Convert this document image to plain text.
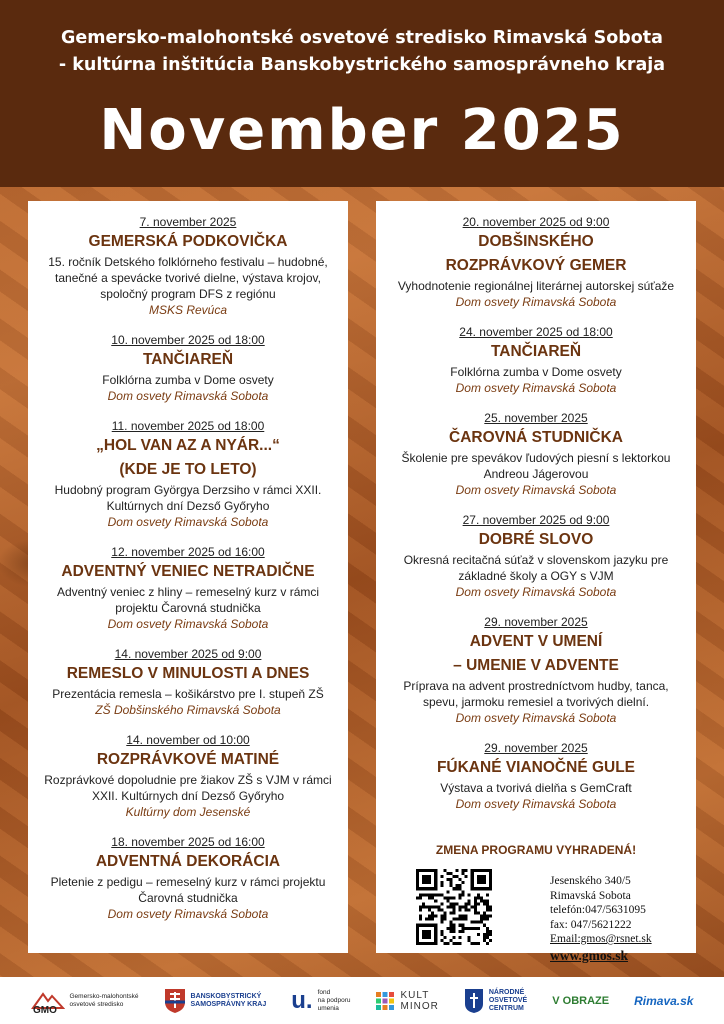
Gemersko-malohontské osvetové stredisko Rimavská Sobota
- kultúrna inštitúcia Banskobystrického samosprávneho kraja
November 2025
7. november 2025
GEMERSKÁ PODKOVIČKA
15. ročník Detského folklórneho festivalu – hudobné, tanečné a spevácke tvorivé dielne, výstava krojov, spoločný program DFS z regiónu
MSKS Revúca
10. november 2025 od 18:00
TANČIAREŇ
Folklórna zumba v Dome osvety
Dom osvety Rimavská Sobota
11. november 2025 od 18:00
„HOL VAN AZ A NYÁR...“
(KDE JE TO LETO)
Hudobný program Györgya Derzsiho v rámci XXII. Kultúrnych dní Dezső Győryho
Dom osvety Rimavská Sobota
12. november 2025 od 16:00
ADVENTNÝ VENIEC NETRADIČNE
Adventný veniec z hliny – remeselný kurz v rámci projektu Čarovná studnička
Dom osvety Rimavská Sobota
14. november 2025 od 9:00
REMESLO V MINULOSTI A DNES
Prezentácia remesla – košikárstvo pre I. stupeň ZŠ
ZŠ Dobšinského Rimavská Sobota
14. november od 10:00
ROZPRÁVKOVÉ MATINÉ
Rozprávkové dopoludnie pre žiakov ZŠ s VJM v rámci XXII. Kultúrnych dní Dezső Győryho
Kultúrny dom Jesenské
18. november 2025 od 16:00
ADVENTNÁ DEKORÁCIA
Pletenie z pedigu – remeselný kurz v rámci projektu Čarovná studnička
Dom osvety Rimavská Sobota
20. november 2025 od 9:00
DOBŠINSKÉHO
ROZPRÁVKOVÝ GEMER
Vyhodnotenie regionálnej literárnej autorskej súťaže
Dom osvety Rimavská Sobota
24. november 2025 od 18:00
TANČIAREŇ
Folklórna zumba v Dome osvety
Dom osvety Rimavská Sobota
25. november 2025
ČAROVNÁ STUDNIČKA
Školenie pre spevákov ľudových piesní s lektorkou Andreou Jágerovou
Dom osvety Rimavská Sobota
27. november 2025 od 9:00
DOBRÉ SLOVO
Okresná recitačná súťaž v slovenskom jazyku pre základné školy a OGY s VJM
Dom osvety Rimavská Sobota
29. november 2025
ADVENT V UMENÍ
– UMENIE V ADVENTE
Príprava na advent prostredníctvom hudby, tanca, spevu, jarmoku remesiel a tvorivých dielní.
Dom osvety Rimavská Sobota
29. november 2025
FÚKANÉ VIANOČNÉ GULE
Výstava a tvorivá dielňa s GemCraft
Dom osvety Rimavská Sobota
ZMENA PROGRAMU VYHRADENÁ!
Jesenského 340/5
Rimavská Sobota
telefón:047/5631095
fax: 047/5621222
Email:gmos@rsnet.sk
www.gmos.sk
GMO
Gemersko-malohontské
osvetové stredisko
BANSKOBYSTRICKÝ
SAMOSPRÁVNY KRAJ u. fond
na podporu
umenia
KULT
MINOR
NÁRODNÉ
OSVETOVÉ
CENTRUM
V OBRAZE Rimava.sk
